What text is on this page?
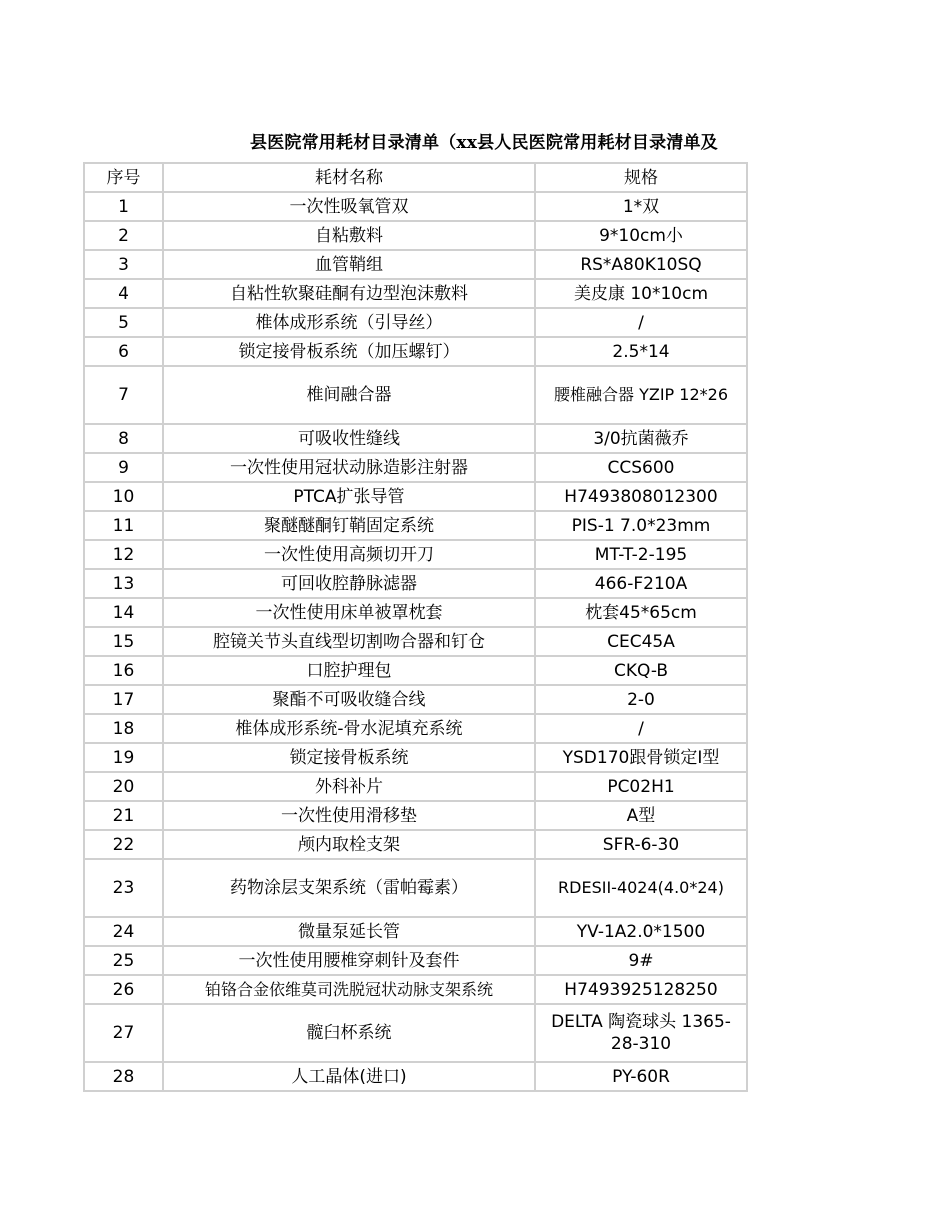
县医院常用耗材目录清单（xx县人民医院常用耗材目录清单及
序号	耗材名称	规格
1	一次性吸氧管双	1*双
2	自粘敷料	9*10cm小
3	血管鞘组	RS*A80K10SQ
4	自粘性软聚硅酮有边型泡沫敷料	美皮康 10*10cm
5	椎体成形系统（引导丝）	/
6	锁定接骨板系统（加压螺钉）	2.5*14
7	椎间融合器	腰椎融合器 YZIP 12*26
8	可吸收性缝线	3/0抗菌薇乔
9	一次性使用冠状动脉造影注射器	CCS600
10	PTCA扩张导管	H7493808012300
11	聚醚醚酮钉鞘固定系统	PIS-1 7.0*23mm
12	一次性使用高频切开刀	MT-T-2-195
13	可回收腔静脉滤器	466-F210A
14	一次性使用床单被罩枕套	枕套45*65cm
15	腔镜关节头直线型切割吻合器和钉仓	CEC45A
16	口腔护理包	CKQ-B
17	聚酯不可吸收缝合线	2-0
18	椎体成形系统-骨水泥填充系统	/
19	锁定接骨板系统	YSD170跟骨锁定I型
20	外科补片	PC02H1
21	一次性使用滑移垫	A型
22	颅内取栓支架	SFR-6-30
23	药物涂层支架系统（雷帕霉素）	RDESII-4024(4.0*24)
24	微量泵延长管	YV-1A2.0*1500
25	一次性使用腰椎穿刺针及套件	9#
26	铂铬合金依维莫司洗脱冠状动脉支架系统	H7493925128250
27	髋臼杯系统	DELTA 陶瓷球头 1365-28-310
28	人工晶体(进口)	PY-60R
